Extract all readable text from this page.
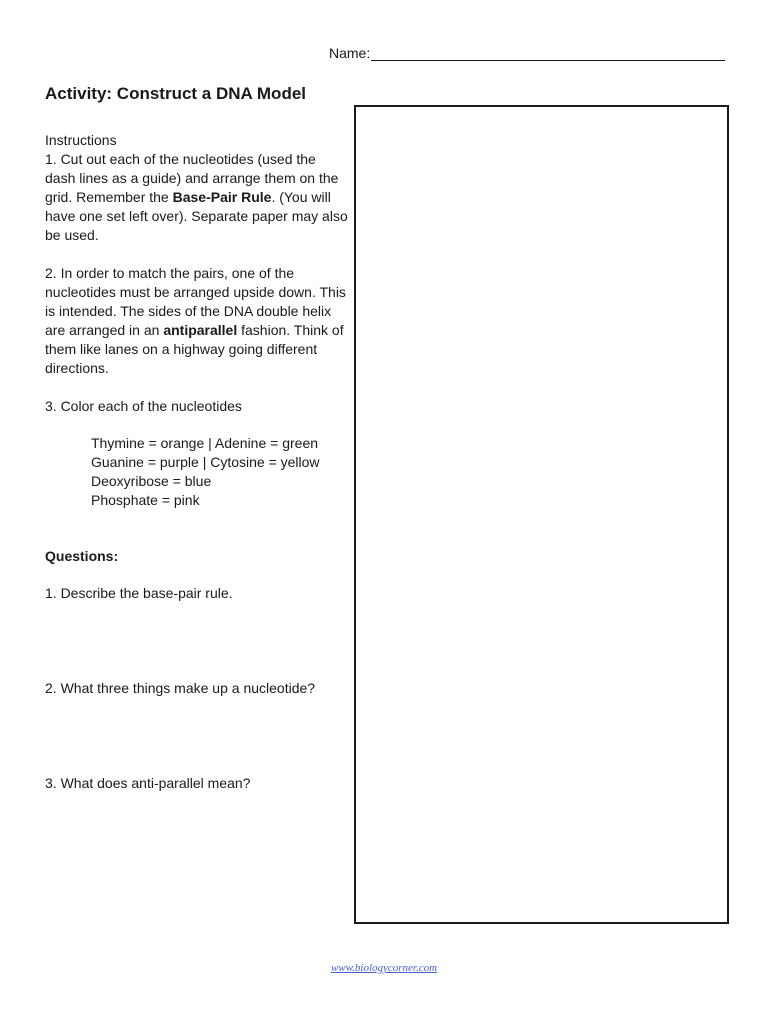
Name:
Activity: Construct a DNA Model

Instructions

1. Cut out each of the nucleotides (used the dash lines as a guide) and arrange them on the grid. Remember the Base-Pair Rule. (You will have one set left over). Separate paper may also be used.

2. In order to match the pairs, one of the nucleotides must be arranged upside down. This is intended. The sides of the DNA double helix are arranged in an antiparallel fashion. Think of them like lanes on a highway going different directions.

3. Color each of the nucleotides

Thymine = orange | Adenine = green
Guanine = purple | Cytosine = yellow
Deoxyribose = blue
Phosphate = pink

Questions:

1. Describe the base-pair rule.

2. What three things make up a nucleotide?

3. What does anti-parallel mean?

www.biologycorner.com
